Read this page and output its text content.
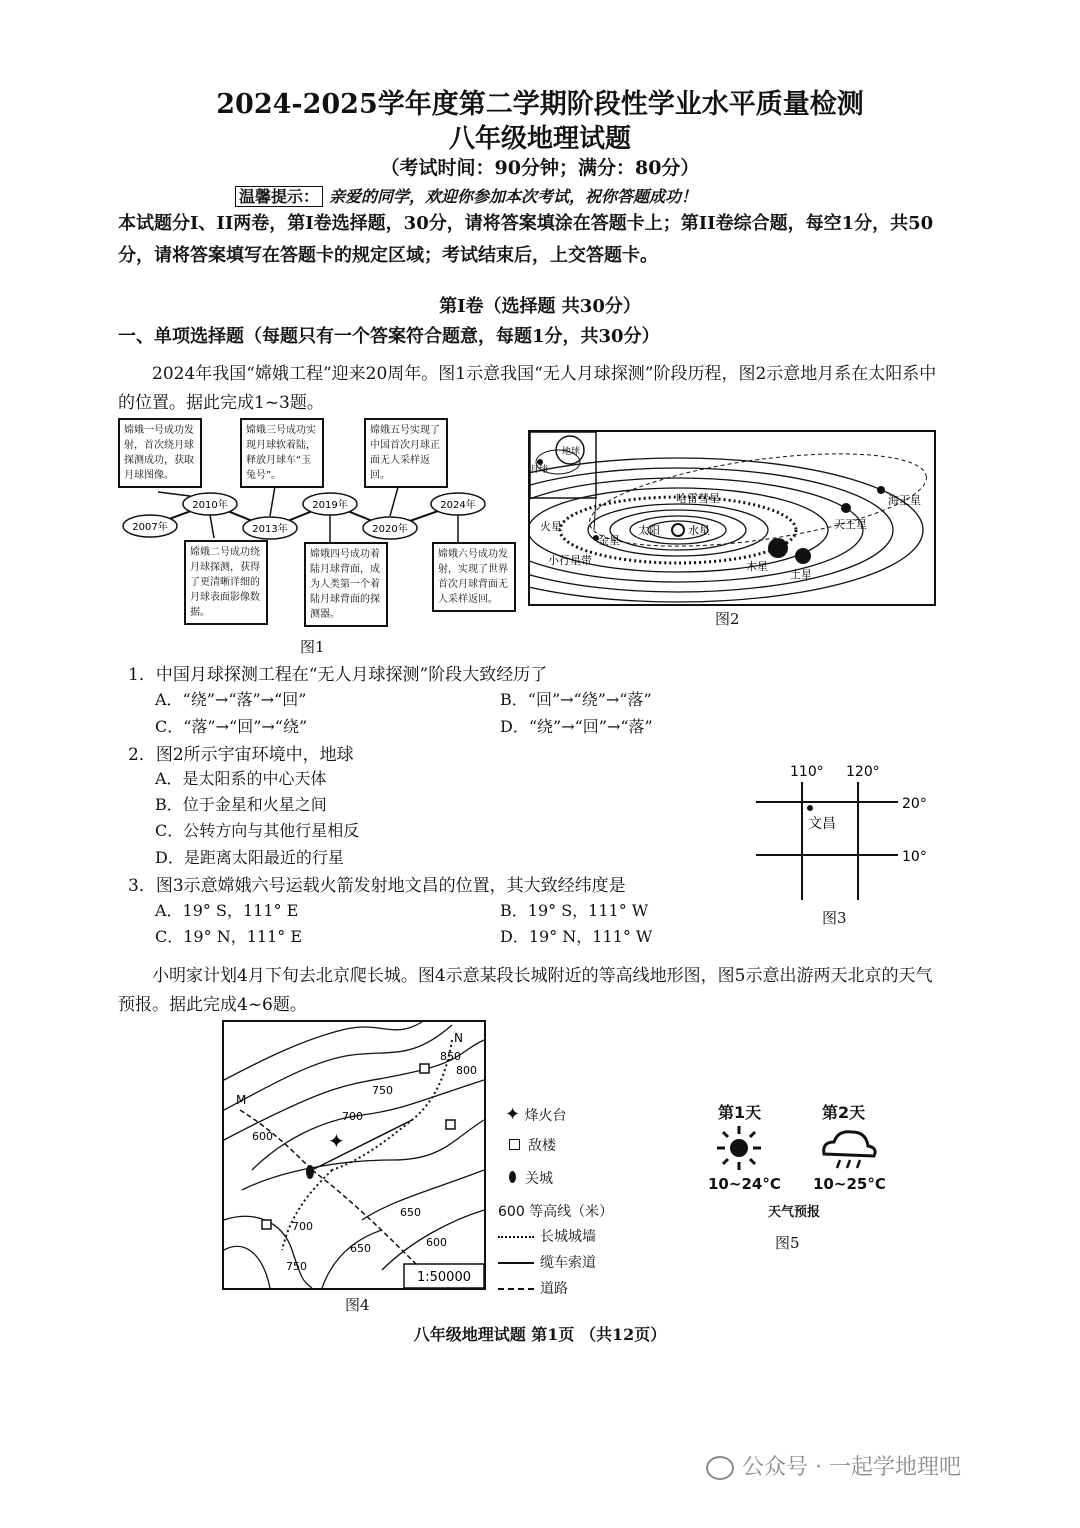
2024-2025学年度第二学期阶段性学业水平质量检测
八年级地理试题
（考试时间：90分钟；满分：80分）
温馨提示： 亲爱的同学，欢迎你参加本次考试，祝你答题成功！
本试题分I、II两卷，第I卷选择题，30分，请将答案填涂在答题卡上；第II卷综合题，每空1分，共50分，请将答案填写在答题卡的规定区域；考试结束后，上交答题卡。
第Ⅰ卷（选择题 共30分）
一、单项选择题（每题只有一个答案符合题意，每题1分，共30分）
2024年我国“嫦娥工程”迎来20周年。图1示意我国“无人月球探测”阶段历程，图2示意地月系在太阳系中的位置。据此完成1~3题。
2007年
2010年
2013年
2019年
2020年
2024年
嫦娥一号成功发射，首次绕月球探测成功，获取月球图像。
嫦娥三号成功实现月球软着陆，释放月球车“玉兔号”。
嫦娥五号实现了中国首次月球正面无人采样返回。
嫦娥二号成功绕月球探测，获得了更清晰详细的月球表面影像数据。
嫦娥四号成功着陆月球背面，成为人类第一个着陆月球背面的探测器。
嫦娥六号成功发射，实现了世界首次月球背面无人采样返回。
图1
月球
地球
哈雷彗星	海王星
天王星
土星
木星
火星	太阳	水星
金星
小行星带
图2
1．中国月球探测工程在“无人月球探测”阶段大致经历了
A．“绕”→“落”→“回”	B．“回”→“绕”→“落”
C．“落”→“回”→“绕”	D．“绕”→“回”→“落”
2．图2所示宇宙环境中，地球
A．是太阳系的中心天体
B．位于金星和火星之间
C．公转方向与其他行星相反
D．是距离太阳最近的行星
3．图3示意嫦娥六号运载火箭发射地文昌的位置，其大致经纬度是
A．19° S，111° E	B．19° S，111° W
C．19° N，111° E	D．19° N，111° W
110° 120°
20°
10°
文昌
图3
小明家计划4月下旬去北京爬长城。图4示意某段长城附近的等高线地形图，图5示意出游两天北京的天气预报。据此完成4~6题。
✦
M
N
600
700
750
850
800
650
700
750
650	600
1:50000
图4
✦ 烽火台
敌楼
关城
600 等高线（米）
长城城墙
缆车索道
道路
第1天	第2天
10~24°C 10~25°C
天气预报
图5
八年级地理试题 第1页 （共12页）
公众号 · 一起学地理吧
